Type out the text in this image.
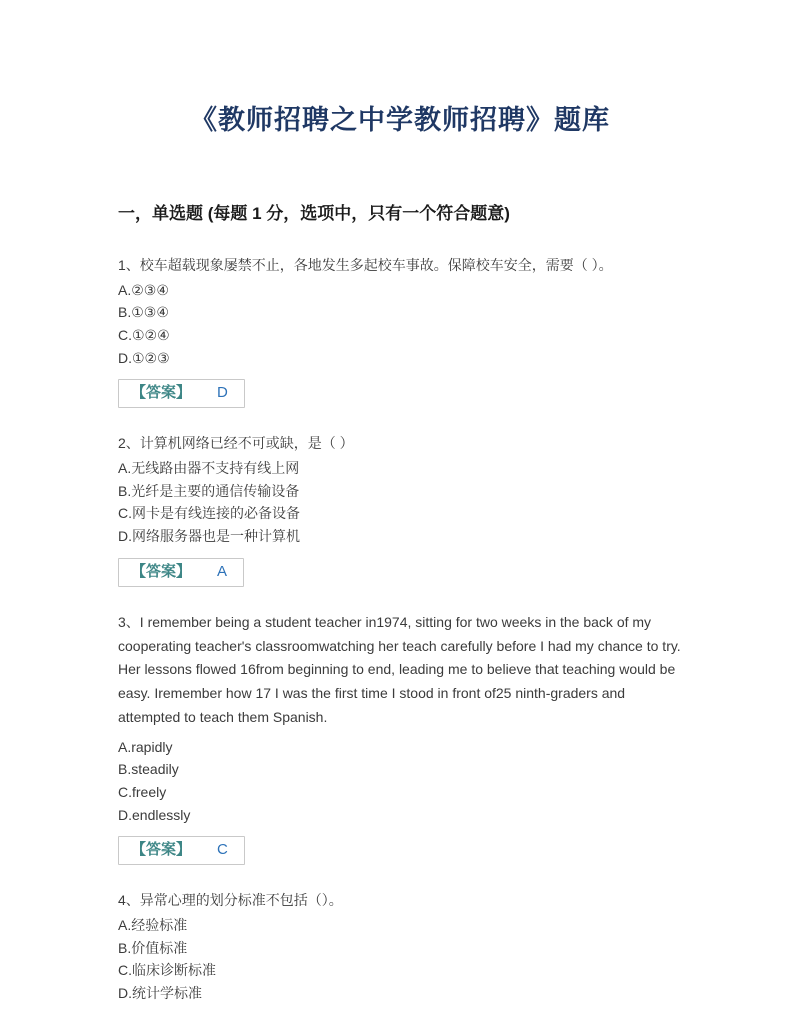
《教师招聘之中学教师招聘》题库
一，单选题 (每题 1 分，选项中，只有一个符合题意)

1、校车超载现象屡禁不止，各地发生多起校车事故。保障校车安全，需要（ ）。

A.②③④

B.①③④

C.①②④

D.①②③

【答案】 D

2、计算机网络已经不可或缺，是（ ）

A.无线路由器不支持有线上网

B.光纤是主要的通信传输设备

C.网卡是有线连接的必备设备

D.网络服务器也是一种计算机

【答案】 A

3、I remember being a student teacher in1974, sitting for two weeks in the back of my cooperating teacher's classroomwatching her teach carefully before I had my chance to try. Her lessons flowed 16from beginning to end, leading me to believe that teaching would be easy. Iremember how 17 I was the first time I stood in front of25 ninth-graders and attempted to teach them Spanish.

A.rapidly

B.steadily

C.freely

D.endlessly

【答案】 C

4、异常心理的划分标准不包括（）。

A.经验标准

B.价值标准

C.临床诊断标准

D.统计学标准
